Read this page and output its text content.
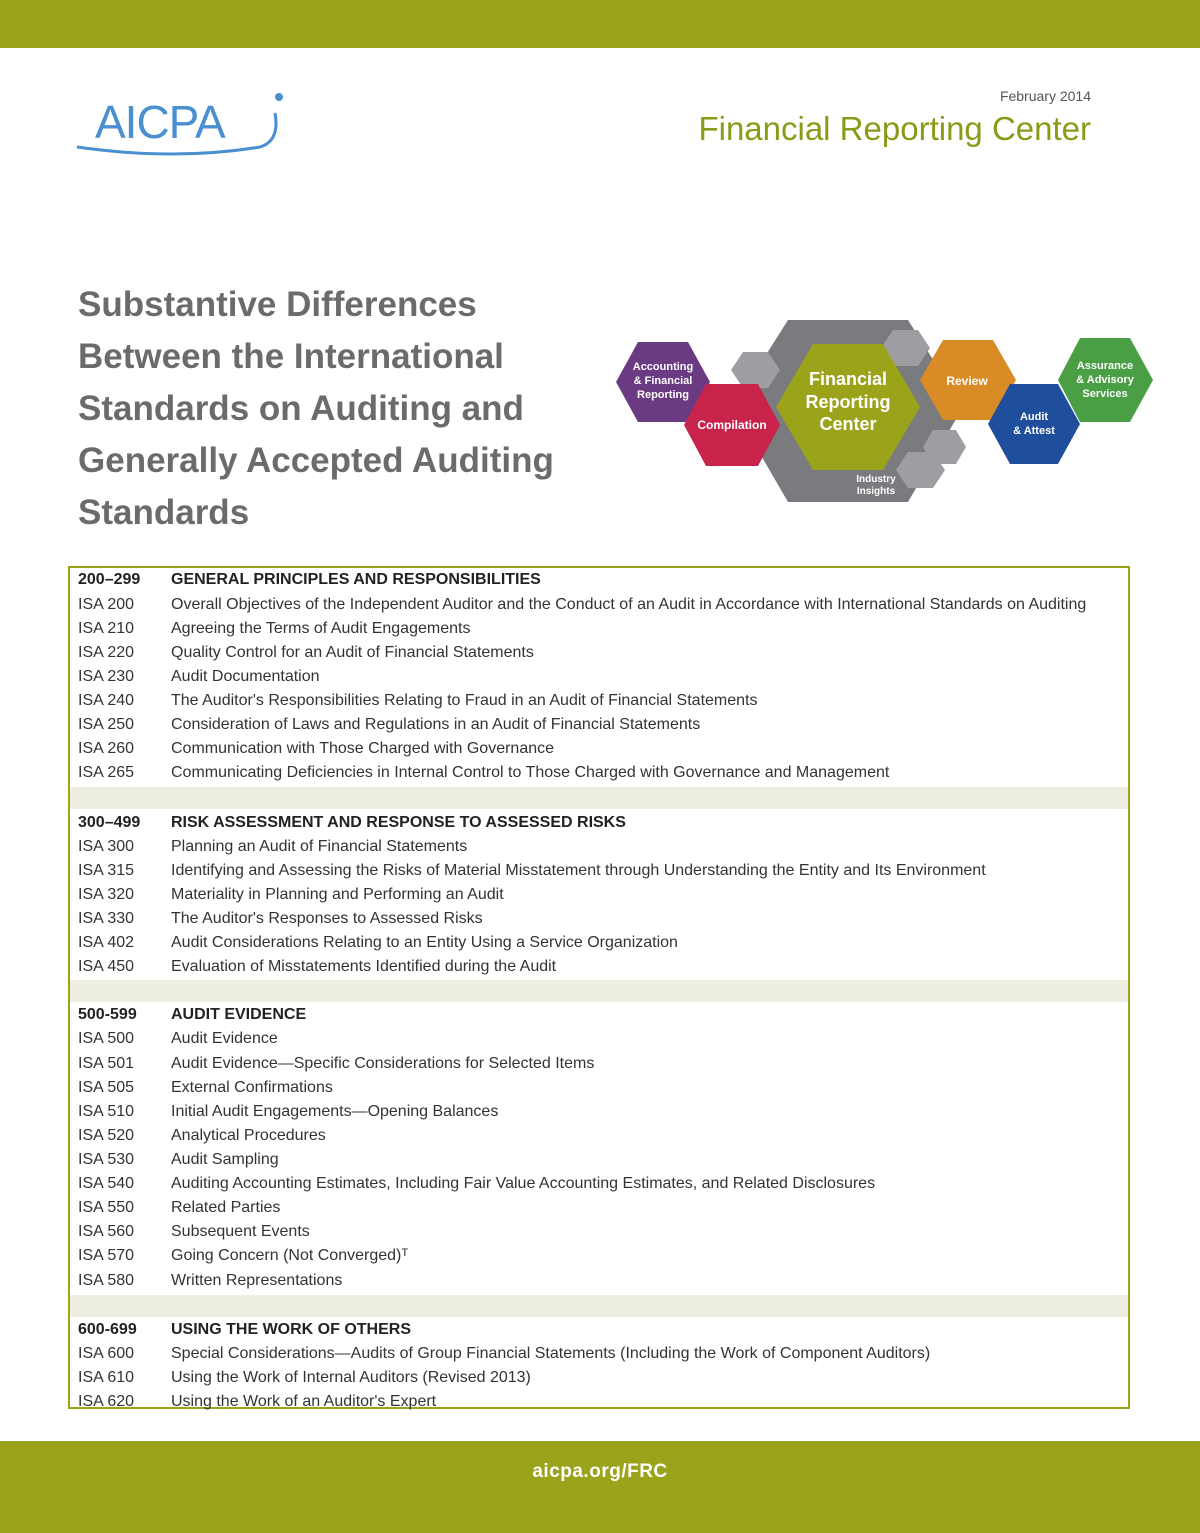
AICPA	February 2014
Financial Reporting Center
Substantive Differences Between the International Standards on Auditing and Generally Accepted Auditing Standards
Accounting
& Financial
Reporting
Compilation
Financial
Reporting
Center
Industry
Insights
Review
Audit
& Attest
Assurance
& Advisory
Services
200–299 GENERAL PRINCIPLES AND RESPONSIBILITIES
ISA 200 Overall Objectives of the Independent Auditor and the Conduct of an Audit in Accordance with International Standards on Auditing
ISA 210 Agreeing the Terms of Audit Engagements
ISA 220 Quality Control for an Audit of Financial Statements
ISA 230 Audit Documentation
ISA 240 The Auditor's Responsibilities Relating to Fraud in an Audit of Financial Statements
ISA 250 Consideration of Laws and Regulations in an Audit of Financial Statements
ISA 260 Communication with Those Charged with Governance
ISA 265 Communicating Deficiencies in Internal Control to Those Charged with Governance and Management
300–499 RISK ASSESSMENT AND RESPONSE TO ASSESSED RISKS
ISA 300 Planning an Audit of Financial Statements
ISA 315 Identifying and Assessing the Risks of Material Misstatement through Understanding the Entity and Its Environment
ISA 320 Materiality in Planning and Performing an Audit
ISA 330 The Auditor's Responses to Assessed Risks
ISA 402 Audit Considerations Relating to an Entity Using a Service Organization
ISA 450 Evaluation of Misstatements Identified during the Audit
500-599 AUDIT EVIDENCE
ISA 500 Audit Evidence
ISA 501 Audit Evidence—Specific Considerations for Selected Items
ISA 505 External Confirmations
ISA 510 Initial Audit Engagements—Opening Balances
ISA 520 Analytical Procedures
ISA 530 Audit Sampling
ISA 540 Auditing Accounting Estimates, Including Fair Value Accounting Estimates, and Related Disclosures
ISA 550 Related Parties
ISA 560 Subsequent Events
ISA 570 Going Concern (Not Converged)ᵀ
ISA 580 Written Representations
600-699 USING THE WORK OF OTHERS
ISA 600 Special Considerations—Audits of Group Financial Statements (Including the Work of Component Auditors)
ISA 610 Using the Work of Internal Auditors (Revised 2013)
ISA 620 Using the Work of an Auditor's Expert
aicpa.org/FRC
